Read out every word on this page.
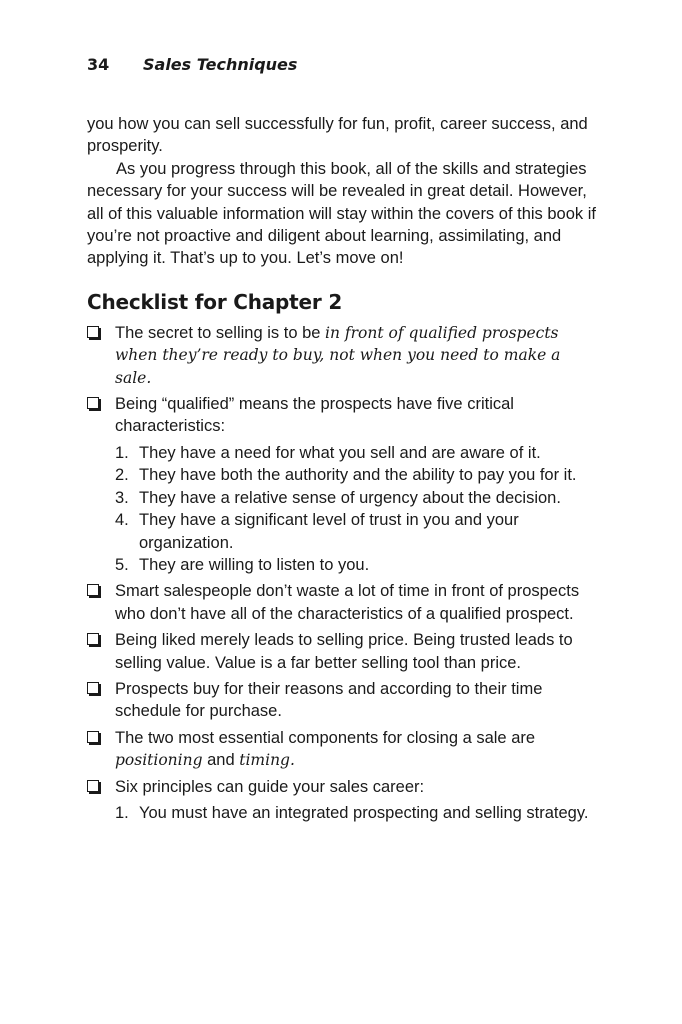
34 Sales Techniques

you how you can sell successfully for fun, profit, career success, and prosperity.

As you progress through this book, all of the skills and strategies necessary for your success will be revealed in great detail. However, all of this valuable information will stay within the covers of this book if you’re not proactive and diligent about learning, assimilating, and applying it. That’s up to you. Let’s move on!

Checklist for Chapter 2
The secret to selling is to be in front of qualified prospects when they’re ready to buy, not when you need to make a sale.
Being “qualified” means the prospects have five critical characteristics:
1. They have a need for what you sell and are aware of it.
2. They have both the authority and the ability to pay you for it.
3. They have a relative sense of urgency about the decision.
4. They have a significant level of trust in you and your organization.
5. They are willing to listen to you.
Smart salespeople don’t waste a lot of time in front of prospects who don’t have all of the characteristics of a qualified prospect.
Being liked merely leads to selling price. Being trusted leads to selling value. Value is a far better selling tool than price.
Prospects buy for their reasons and according to their time schedule for purchase.
The two most essential components for closing a sale are positioning and timing.
Six principles can guide your sales career:
1. You must have an integrated prospecting and selling strategy.
